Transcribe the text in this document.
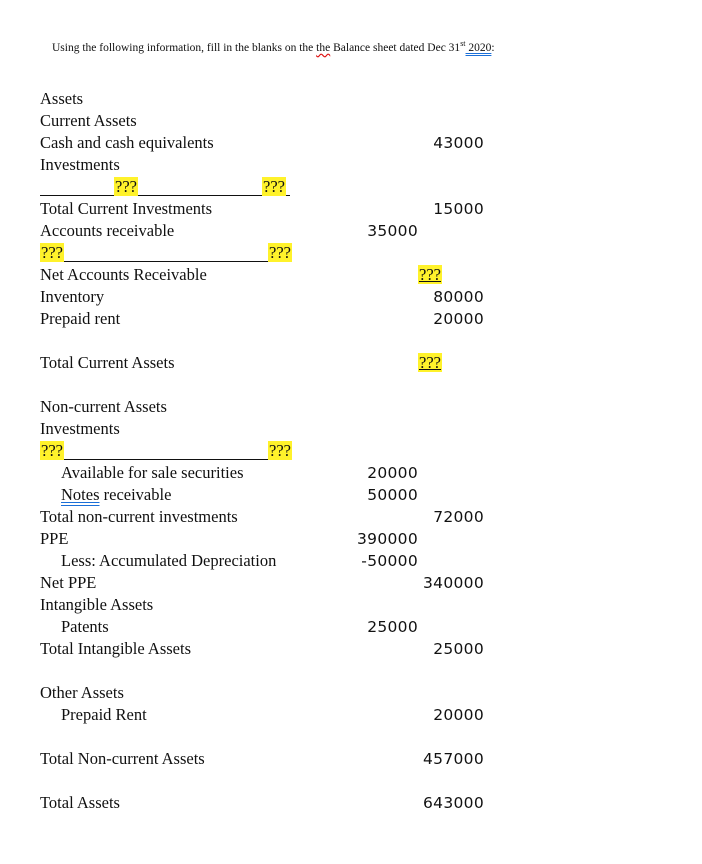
Using the following information, fill in the blanks on the the Balance sheet dated Dec 31st 2020:
Assets
Current Assets
Cash and cash equivalents	43000
Investments
???	???
Total Current Investments	15000
Accounts receivable	35000
???	???
Net Accounts Receivable	???
Inventory	80000
Prepaid rent	20000
Total Current Assets	???
Non-current Assets
Investments
???	???
Available for sale securities	20000
Notes receivable	50000
Total non-current investments	72000
PPE	390000
Less: Accumulated Depreciation	-50000
Net PPE	340000
Intangible Assets
Patents	25000
Total Intangible Assets	25000
Other Assets
Prepaid Rent	20000
Total Non-current Assets	457000
Total Assets	643000
